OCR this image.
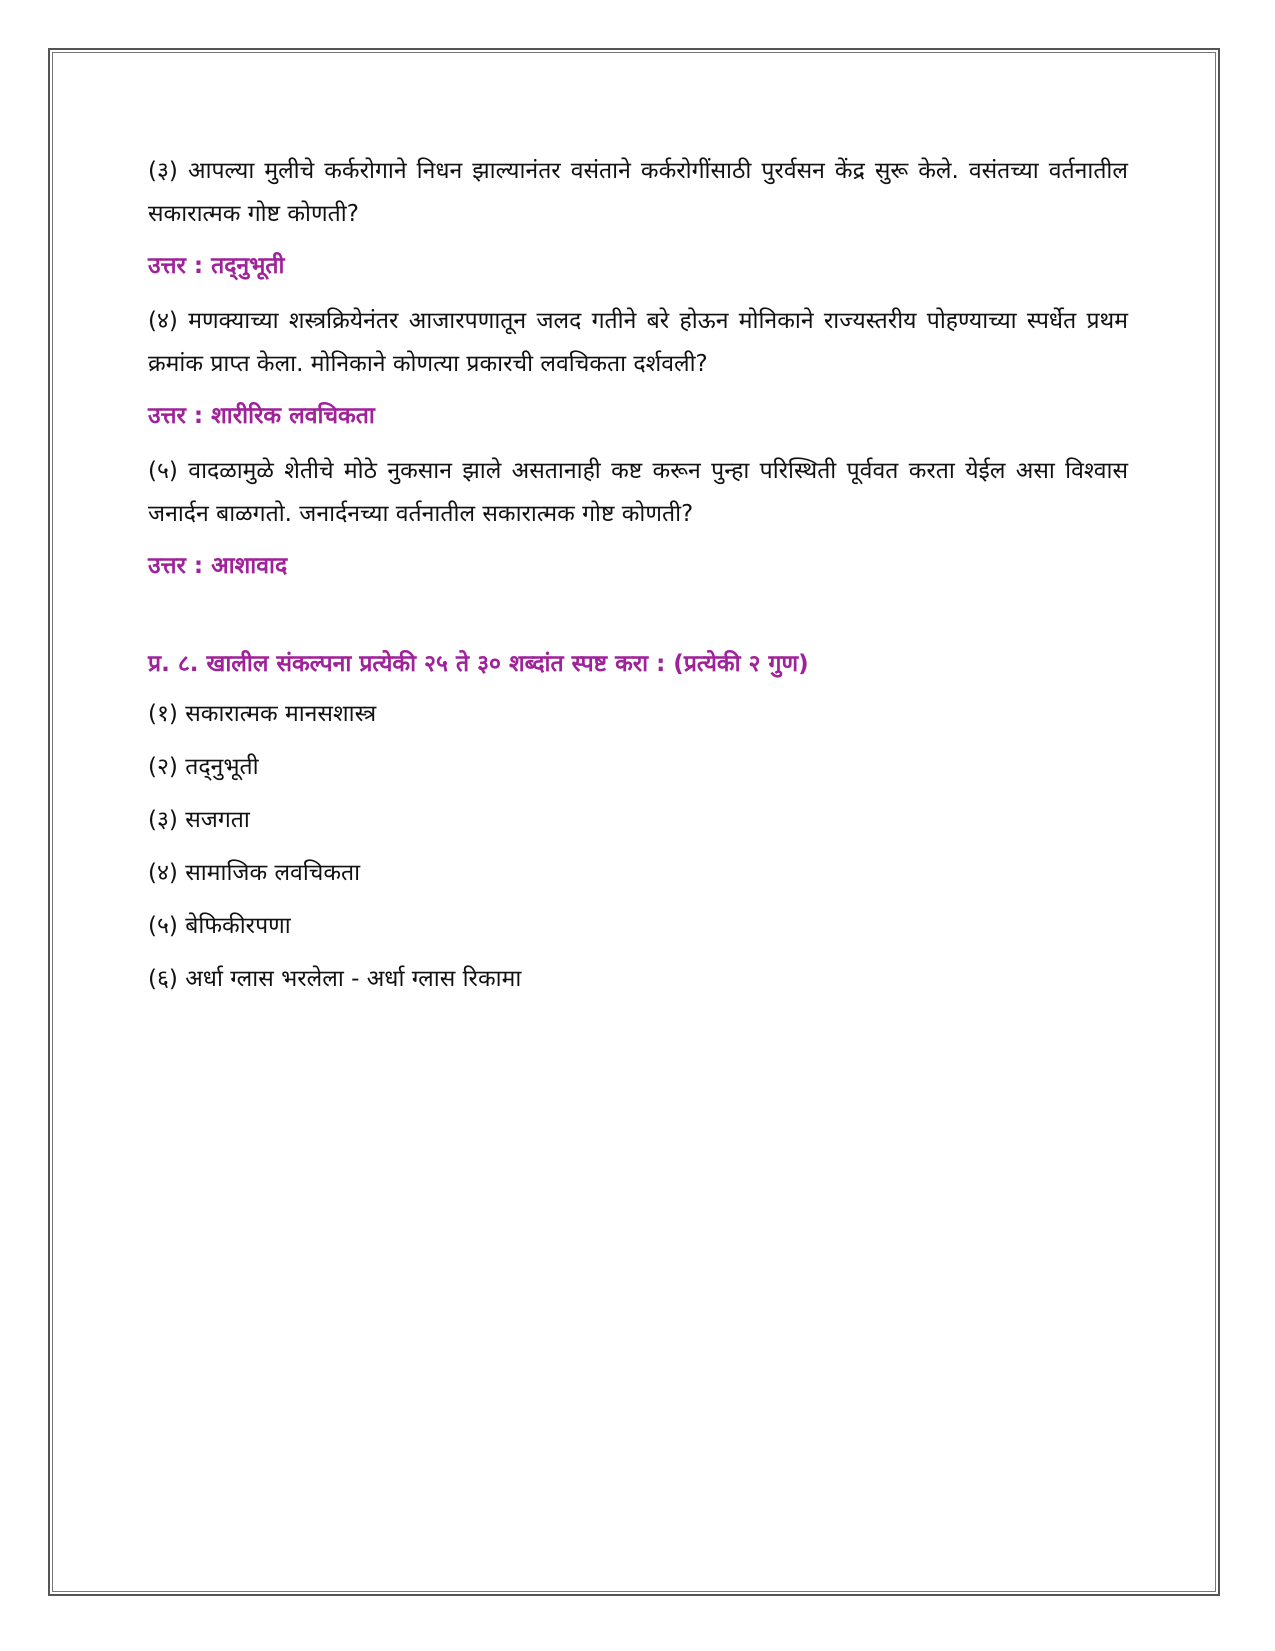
(३) आपल्या मुलीचे कर्करोगाने निधन झाल्यानंतर वसंताने कर्करोगींसाठी पुरर्वसन केंद्र सुरू केले. वसंतच्या वर्तनातील सकारात्मक गोष्ट कोणती?

उत्तर : तद्नुभूती

(४) मणक्याच्या शस्त्रक्रियेनंतर आजारपणातून जलद गतीने बरे होऊन मोनिकाने राज्यस्तरीय पोहण्याच्या स्पर्धेत प्रथम क्रमांक प्राप्त केला. मोनिकाने कोणत्या प्रकारची लवचिकता दर्शवली?

उत्तर : शारीरिक लवचिकता

(५) वादळामुळे शेतीचे मोठे नुकसान झाले असतानाही कष्ट करून पुन्हा परिस्थिती पूर्ववत करता येईल असा विश्वास जनार्दन बाळगतो. जनार्दनच्या वर्तनातील सकारात्मक गोष्ट कोणती?

उत्तर : आशावाद

प्र. ८. खालील संकल्पना प्रत्येकी २५ ते ३० शब्दांत स्पष्ट करा : (प्रत्येकी २ गुण)

(१) सकारात्मक मानसशास्त्र

(२) तद्नुभूती

(३) सजगता

(४) सामाजिक लवचिकता

(५) बेफिकीरपणा

(६) अर्धा ग्लास भरलेला - अर्धा ग्लास रिकामा
